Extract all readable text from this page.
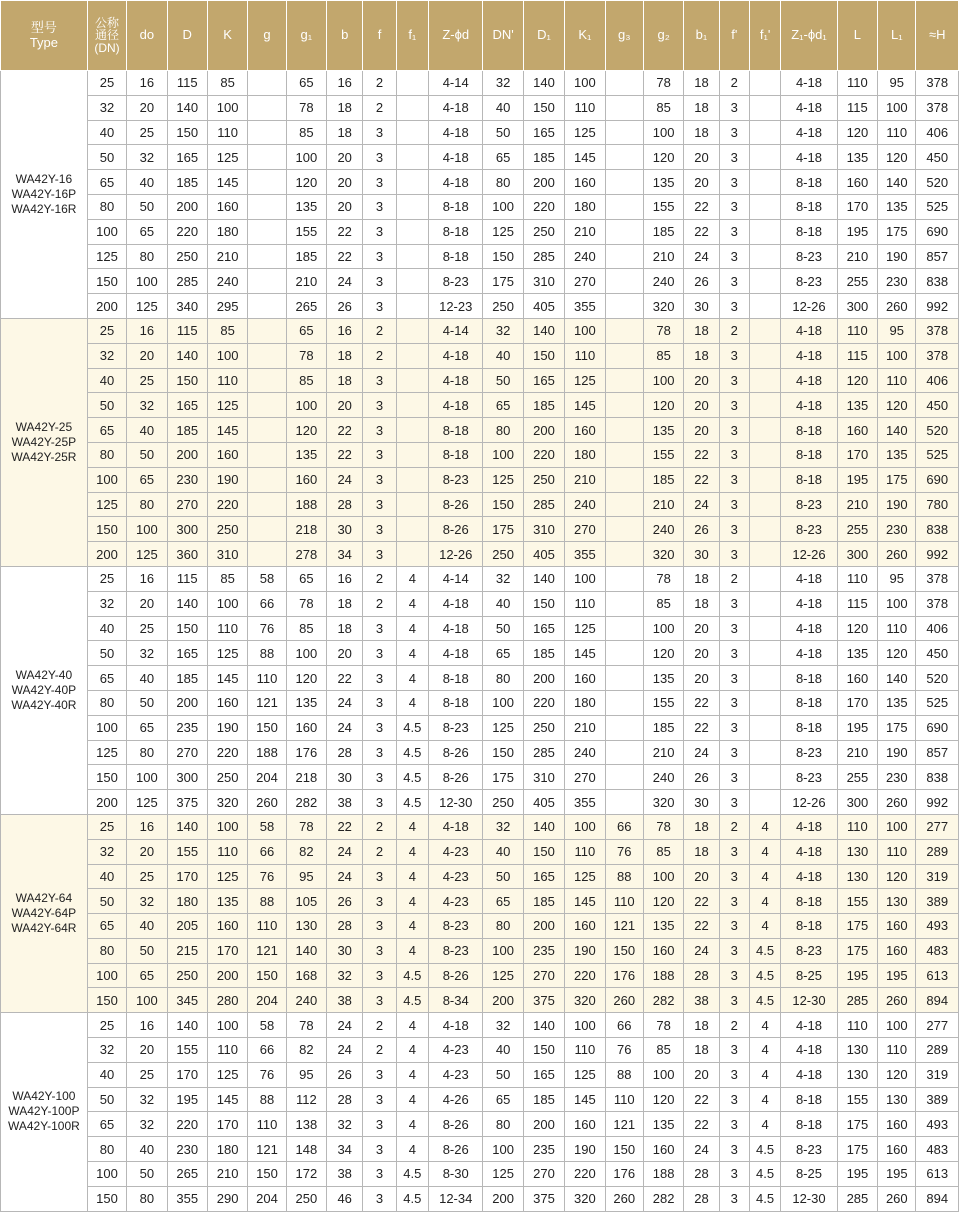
型号
Type	公称
通径
(DN)	do	D	K	g	g₁	b	f	f₁	Z-ϕd	DN'	D₁	K₁	g₃	g₂	b₁	f'	f₁'	Z₁-ϕd₁	L	L₁	≈H
WA42Y-16
WA42Y-16P
WA42Y-16R	25	16	115	85		65	16	2		4-14	32	140	100		78	18	2		4-18	110	95	378
	32	20	140	100		78	18	2		4-18	40	150	110		85	18	3		4-18	115	100	378
	40	25	150	110		85	18	3		4-18	50	165	125		100	18	3		4-18	120	110	406
	50	32	165	125		100	20	3		4-18	65	185	145		120	20	3		4-18	135	120	450
	65	40	185	145		120	20	3		4-18	80	200	160		135	20	3		8-18	160	140	520
	80	50	200	160		135	20	3		8-18	100	220	180		155	22	3		8-18	170	135	525
	100	65	220	180		155	22	3		8-18	125	250	210		185	22	3		8-18	195	175	690
	125	80	250	210		185	22	3		8-18	150	285	240		210	24	3		8-23	210	190	857
	150	100	285	240		210	24	3		8-23	175	310	270		240	26	3		8-23	255	230	838
	200	125	340	295		265	26	3		12-23	250	405	355		320	30	3		12-26	300	260	992
WA42Y-25
WA42Y-25P
WA42Y-25R	25	16	115	85		65	16	2		4-14	32	140	100		78	18	2		4-18	110	95	378
	32	20	140	100		78	18	2		4-18	40	150	110		85	18	3		4-18	115	100	378
	40	25	150	110		85	18	3		4-18	50	165	125		100	20	3		4-18	120	110	406
	50	32	165	125		100	20	3		4-18	65	185	145		120	20	3		4-18	135	120	450
	65	40	185	145		120	22	3		8-18	80	200	160		135	20	3		8-18	160	140	520
	80	50	200	160		135	22	3		8-18	100	220	180		155	22	3		8-18	170	135	525
	100	65	230	190		160	24	3		8-23	125	250	210		185	22	3		8-18	195	175	690
	125	80	270	220		188	28	3		8-26	150	285	240		210	24	3		8-23	210	190	780
	150	100	300	250		218	30	3		8-26	175	310	270		240	26	3		8-23	255	230	838
	200	125	360	310		278	34	3		12-26	250	405	355		320	30	3		12-26	300	260	992
WA42Y-40
WA42Y-40P
WA42Y-40R	25	16	115	85	58	65	16	2	4	4-14	32	140	100		78	18	2		4-18	110	95	378
	32	20	140	100	66	78	18	2	4	4-18	40	150	110		85	18	3		4-18	115	100	378
	40	25	150	110	76	85	18	3	4	4-18	50	165	125		100	20	3		4-18	120	110	406
	50	32	165	125	88	100	20	3	4	4-18	65	185	145		120	20	3		4-18	135	120	450
	65	40	185	145	110	120	22	3	4	8-18	80	200	160		135	20	3		8-18	160	140	520
	80	50	200	160	121	135	24	3	4	8-18	100	220	180		155	22	3		8-18	170	135	525
	100	65	235	190	150	160	24	3	4.5	8-23	125	250	210		185	22	3		8-18	195	175	690
	125	80	270	220	188	176	28	3	4.5	8-26	150	285	240		210	24	3		8-23	210	190	857
	150	100	300	250	204	218	30	3	4.5	8-26	175	310	270		240	26	3		8-23	255	230	838
	200	125	375	320	260	282	38	3	4.5	12-30	250	405	355		320	30	3		12-26	300	260	992
WA42Y-64
WA42Y-64P
WA42Y-64R	25	16	140	100	58	78	22	2	4	4-18	32	140	100	66	78	18	2	4	4-18	110	100	277
	32	20	155	110	66	82	24	2	4	4-23	40	150	110	76	85	18	3	4	4-18	130	110	289
	40	25	170	125	76	95	24	3	4	4-23	50	165	125	88	100	20	3	4	4-18	130	120	319
	50	32	180	135	88	105	26	3	4	4-23	65	185	145	110	120	22	3	4	8-18	155	130	389
	65	40	205	160	110	130	28	3	4	8-23	80	200	160	121	135	22	3	4	8-18	175	160	493
	80	50	215	170	121	140	30	3	4	8-23	100	235	190	150	160	24	3	4.5	8-23	175	160	483
	100	65	250	200	150	168	32	3	4.5	8-26	125	270	220	176	188	28	3	4.5	8-25	195	195	613
	150	100	345	280	204	240	38	3	4.5	8-34	200	375	320	260	282	38	3	4.5	12-30	285	260	894
WA42Y-100
WA42Y-100P
WA42Y-100R	25	16	140	100	58	78	24	2	4	4-18	32	140	100	66	78	18	2	4	4-18	110	100	277
	32	20	155	110	66	82	24	2	4	4-23	40	150	110	76	85	18	3	4	4-18	130	110	289
	40	25	170	125	76	95	26	3	4	4-23	50	165	125	88	100	20	3	4	4-18	130	120	319
	50	32	195	145	88	112	28	3	4	4-26	65	185	145	110	120	22	3	4	8-18	155	130	389
	65	32	220	170	110	138	32	3	4	8-26	80	200	160	121	135	22	3	4	8-18	175	160	493
	80	40	230	180	121	148	34	3	4	8-26	100	235	190	150	160	24	3	4.5	8-23	175	160	483
	100	50	265	210	150	172	38	3	4.5	8-30	125	270	220	176	188	28	3	4.5	8-25	195	195	613
	150	80	355	290	204	250	46	3	4.5	12-34	200	375	320	260	282	28	3	4.5	12-30	285	260	894
